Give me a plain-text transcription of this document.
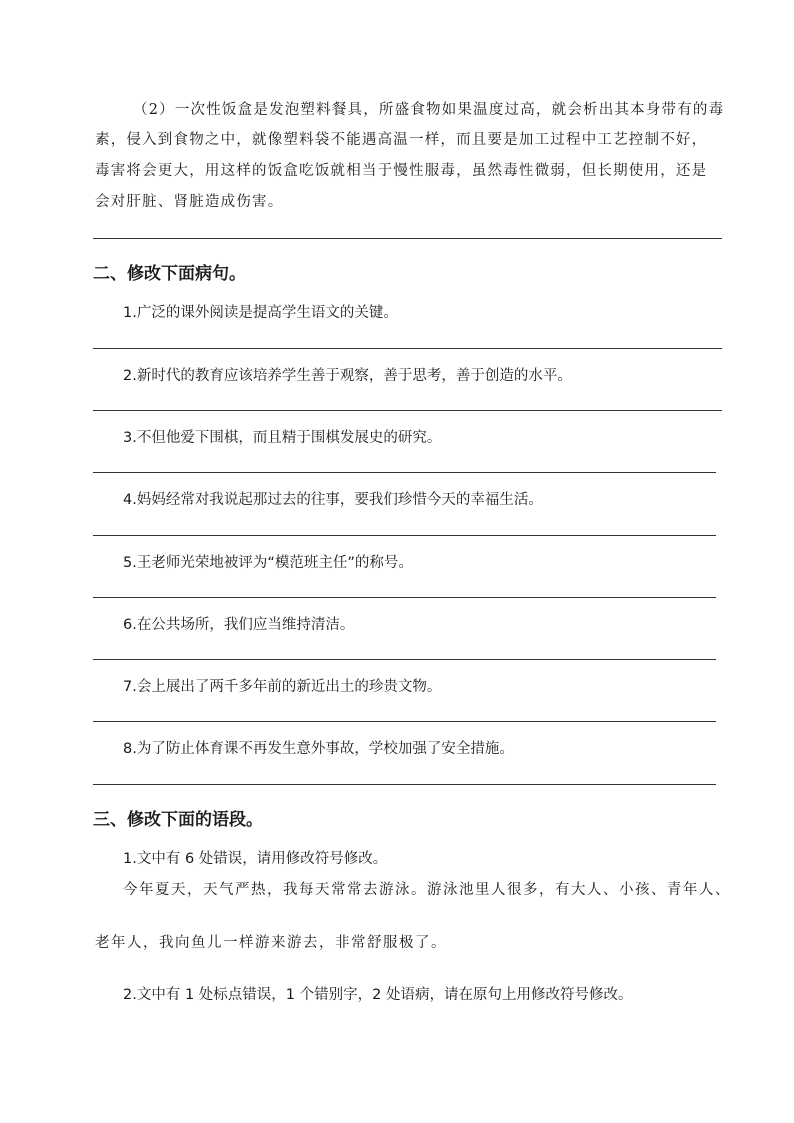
（2）一次性饭盒是发泡塑料餐具，所盛食物如果温度过高，就会析出其本身带有的毒
素，侵入到食物之中，就像塑料袋不能遇高温一样，而且要是加工过程中工艺控制不好，
毒害将会更大，用这样的饭盒吃饭就相当于慢性服毒，虽然毒性微弱，但长期使用，还是
会对肝脏、肾脏造成伤害。
二、修改下面病句。
1.广泛的课外阅读是提高学生语文的关键。
2.新时代的教育应该培养学生善于观察，善于思考，善于创造的水平。
3.不但他爱下围棋，而且精于围棋发展史的研究。
4.妈妈经常对我说起那过去的往事，要我们珍惜今天的幸福生活。
5.王老师光荣地被评为“模范班主任”的称号。
6.在公共场所，我们应当维持清洁。
7.会上展出了两千多年前的新近出土的珍贵文物。
8.为了防止体育课不再发生意外事故，学校加强了安全措施。
三、修改下面的语段。
1.文中有 6 处错误，请用修改符号修改。
今年夏天，天气严热，我每天常常去游泳。游泳池里人很多，有大人、小孩、青年人、
老年人，我向鱼儿一样游来游去，非常舒服极了。
2.文中有 1 处标点错误，1 个错别字，2 处语病，请在原句上用修改符号修改。
